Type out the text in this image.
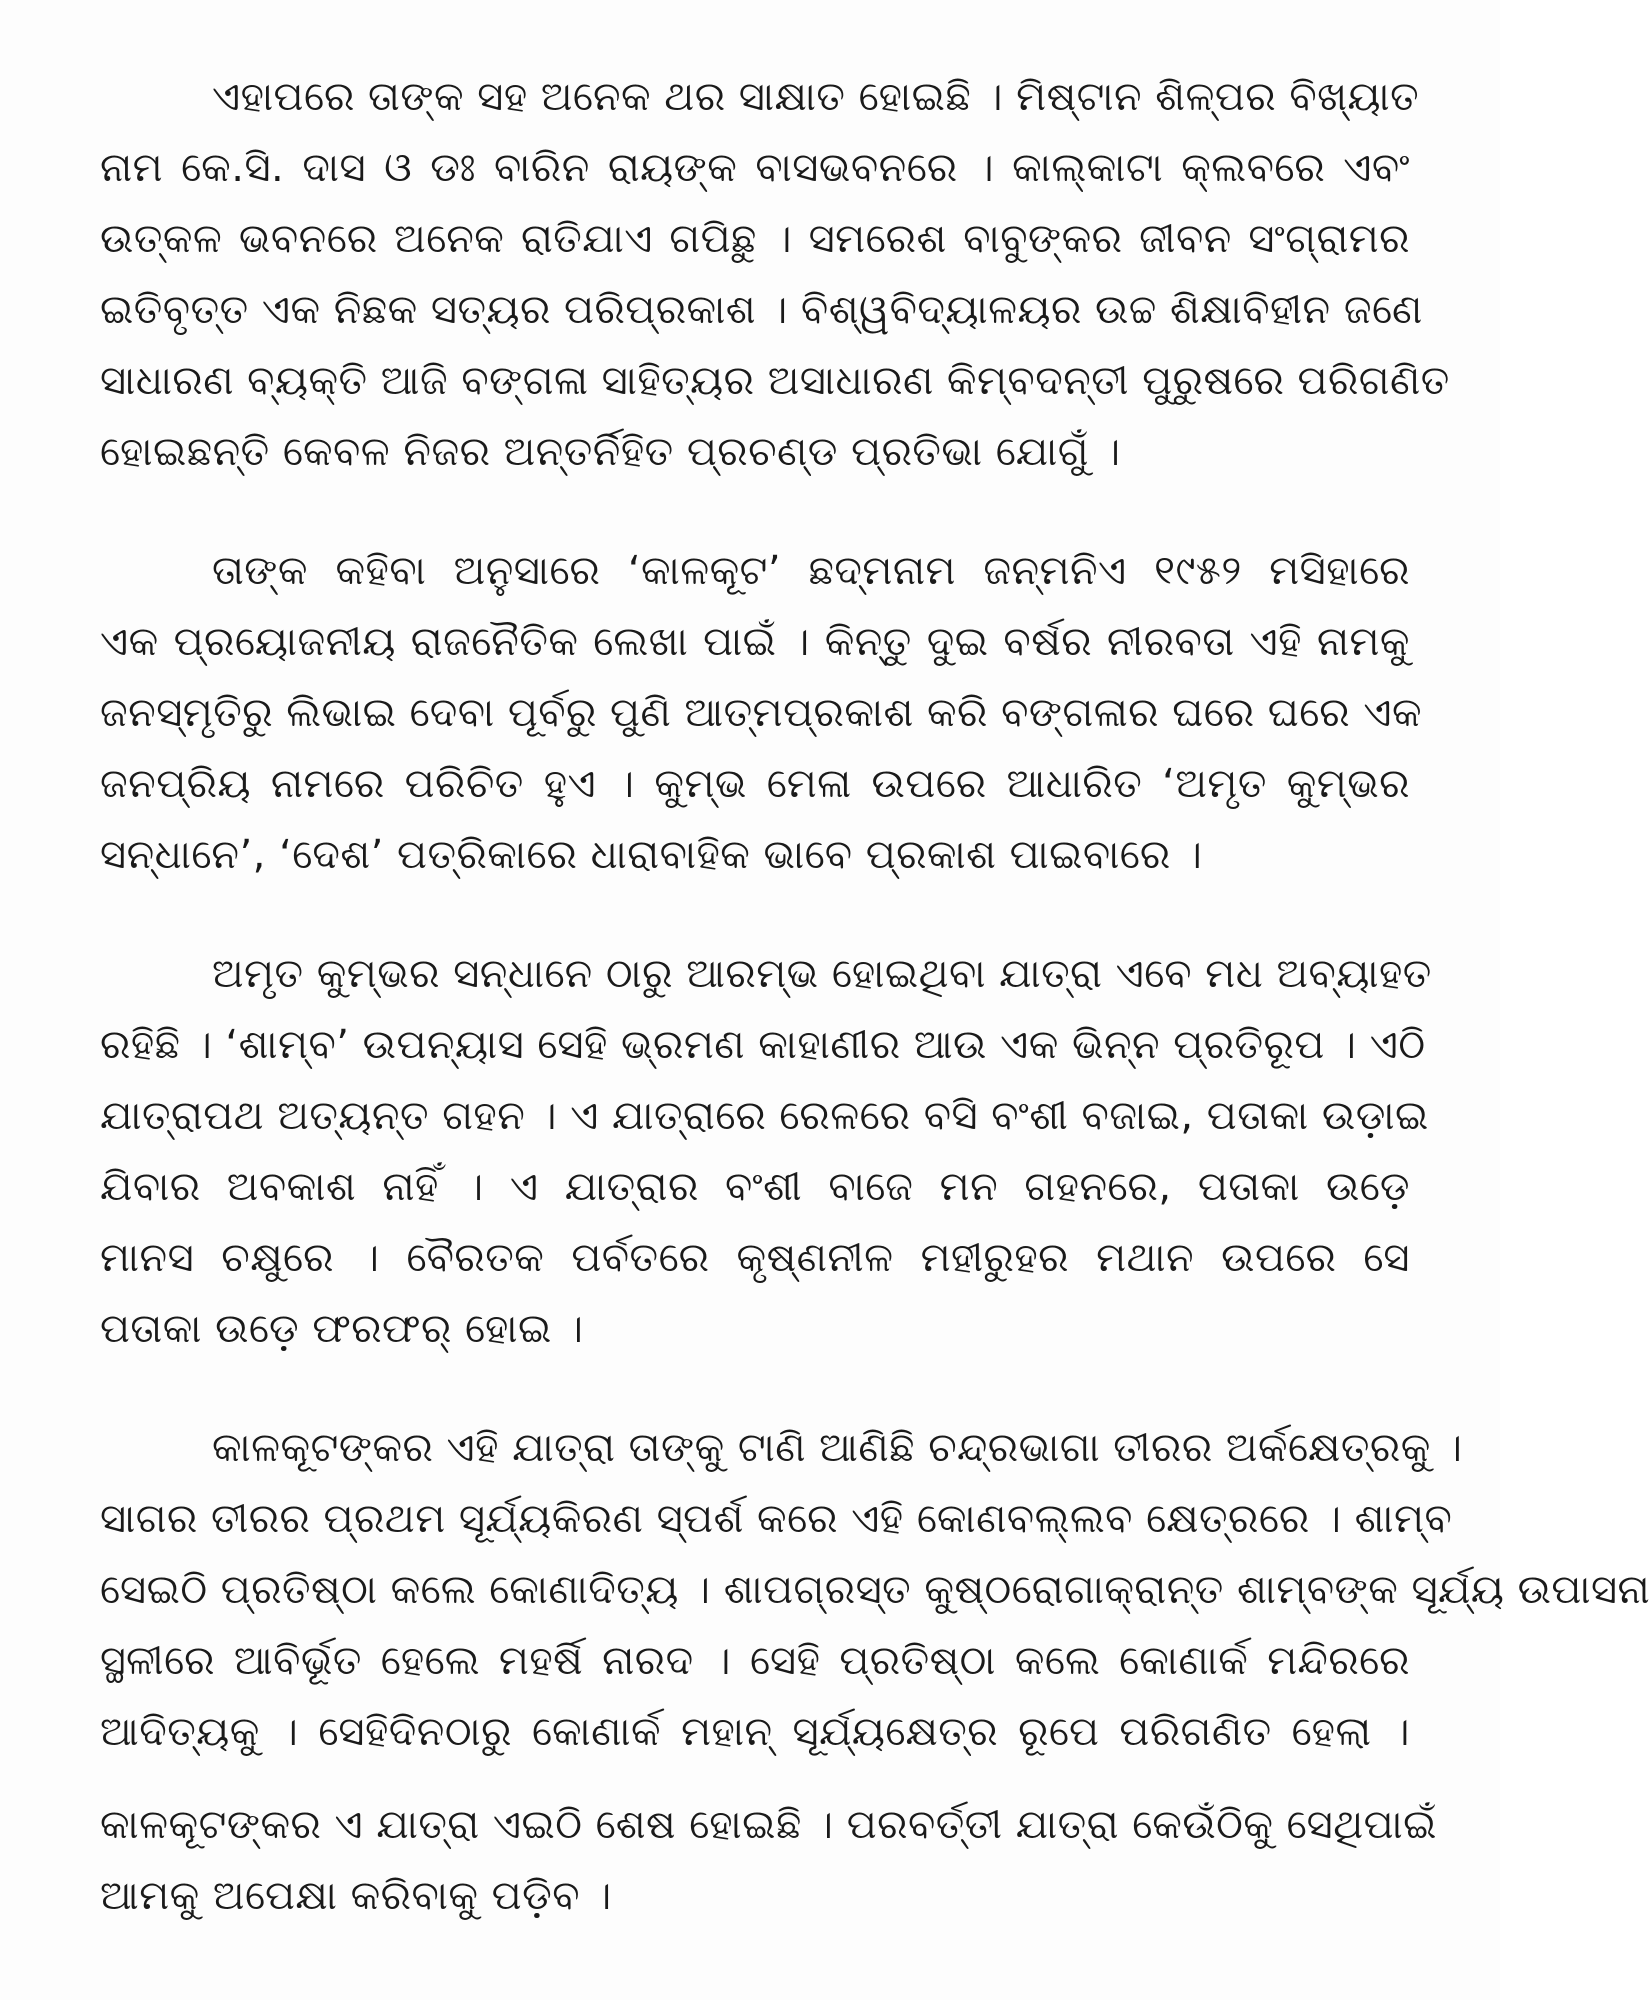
ଏହାପରେ ତାଙ୍କ ସହ ଅନେକ ଥର ସାକ୍ଷାତ ହୋଇଛି । ମିଷ୍ଟାନ ଶିଳ୍ପର ବିଖ୍ୟାତ
ନାମ କେ.ସି. ଦାସ ଓ ଡଃ ବାରିନ ରାୟଙ୍କ ବାସଭବନରେ । କାଲ୍‌କାଟା କ୍ଲବରେ ଏବଂ
ଉତ୍କଳ ଭବନରେ ଅନେକ ରାତିଯାଏ ଗପିଛୁ । ସମରେଶ ବାବୁଙ୍କର ଜୀବନ ସଂଗ୍ରାମର
ଇତିବୃତ୍ତ ଏକ ନିଛକ ସତ୍ୟର ପରିପ୍ରକାଶ । ବିଶ୍ୱବିଦ୍ୟାଳୟର ଉଚ୍ଚ ଶିକ୍ଷାବିହୀନ ଜଣେ
ସାଧାରଣ ବ୍ୟକ୍ତି ଆଜି ବଙ୍ଗଳା ସାହିତ୍ୟର ଅସାଧାରଣ କିମ୍ବଦନ୍ତୀ ପୁରୁଷରେ ପରିଗଣିତ
ହୋଇଛନ୍ତି କେବଳ ନିଜର ଅନ୍ତର୍ନିହିତ ପ୍ରଚଣ୍ଡ ପ୍ରତିଭା ଯୋଗୁଁ ।
ତାଙ୍କ କହିବା ଅନୁସାରେ ‘କାଳକୂଟ’ ଛଦ୍ମନାମ ଜନ୍ମନିଏ ୧୯୫୨ ମସିହାରେ
ଏକ ପ୍ରୟୋଜନୀୟ ରାଜନୈତିକ ଲେଖା ପାଇଁ । କିନ୍ତୁ ଦୁଇ ବର୍ଷର ନୀରବତା ଏହି ନାମକୁ
ଜନସ୍ମୃତିରୁ ଲିଭାଇ ଦେବା ପୂର୍ବରୁ ପୁଣି ଆତ୍ମପ୍ରକାଶ କରି ବଙ୍ଗଳାର ଘରେ ଘରେ ଏକ
ଜନପ୍ରିୟ ନାମରେ ପରିଚିତ ହୁଏ । କୁମ୍ଭ ମେଳା ଉପରେ ଆଧାରିତ ‘ଅମୃତ କୁମ୍ଭର
ସନ୍ଧାନେ’, ‘ଦେଶ’ ପତ୍ରିକାରେ ଧାରାବାହିକ ଭାବେ ପ୍ରକାଶ ପାଇବାରେ ।
ଅମୃତ କୁମ୍ଭର ସନ୍ଧାନେ ଠାରୁ ଆରମ୍ଭ ହୋଇଥିବା ଯାତ୍ରା ଏବେ ମଧ ଅବ୍ୟାହତ
ରହିଛି । ‘ଶାମ୍ବ’ ଉପନ୍ୟାସ ସେହି ଭ୍ରମଣ କାହାଣୀର ଆଉ ଏକ ଭିନ୍ନ ପ୍ରତିରୂପ । ଏଠି
ଯାତ୍ରାପଥ ଅତ୍ୟନ୍ତ ଗହନ । ଏ ଯାତ୍ରାରେ ରେଳରେ ବସି ବଂଶୀ ବଜାଇ, ପତାକା ଉଡ଼ାଇ
ଯିବାର ଅବକାଶ ନାହିଁ । ଏ ଯାତ୍ରାର ବଂଶୀ ବାଜେ ମନ ଗହନରେ, ପତାକା ଉଡ଼େ
ମାନସ ଚକ୍ଷୁରେ । ବୈରତକ ପର୍ବତରେ କୃଷ୍ଣନୀଳ ମହୀରୁହର ମଥାନ ଉପରେ ସେ
ପତାକା ଉଡ଼େ ଫରଫର୍ ହୋଇ ।
କାଳକୂଟଙ୍କର ଏହି ଯାତ୍ରା ତାଙ୍କୁ ଟାଣି ଆଣିଛି ଚନ୍ଦ୍ରଭାଗା ତୀରର ଅର୍କକ୍ଷେତ୍ରକୁ ।
ସାଗର ତୀରର ପ୍ରଥମ ସୂର୍ଯ୍ୟକିରଣ ସ୍ପର୍ଶ କରେ ଏହି କୋଣବଲ୍ଲବ କ୍ଷେତ୍ରରେ । ଶାମ୍ବ
ସେଇଠି ପ୍ରତିଷ୍ଠା କଲେ କୋଣାଦିତ୍ୟ । ଶାପଗ୍ରସ୍ତ କୁଷ୍ଠରୋଗାକ୍ରାନ୍ତ ଶାମ୍ବଙ୍କ ସୂର୍ଯ୍ୟ ଉପାସନା
ସ୍ଥଳୀରେ ଆବିର୍ଭୂତ ହେଲେ ମହର୍ଷି ନାରଦ । ସେହି ପ୍ରତିଷ୍ଠା କଲେ କୋଣାର୍କ ମନ୍ଦିରରେ
ଆଦିତ୍ୟକୁ । ସେହିଦିନଠାରୁ କୋଣାର୍କ ମହାନ୍ ସୂର୍ଯ୍ୟକ୍ଷେତ୍ର ରୂପେ ପରିଗଣିତ ହେଲା ।
କାଳକୂଟଙ୍କର ଏ ଯାତ୍ରା ଏଇଠି ଶେଷ ହୋଇଛି । ପରବର୍ତ୍ତୀ ଯାତ୍ରା କେଉଁଠିକୁ ସେଥିପାଇଁ
ଆମକୁ ଅପେକ୍ଷା କରିବାକୁ ପଡ଼ିବ ।
